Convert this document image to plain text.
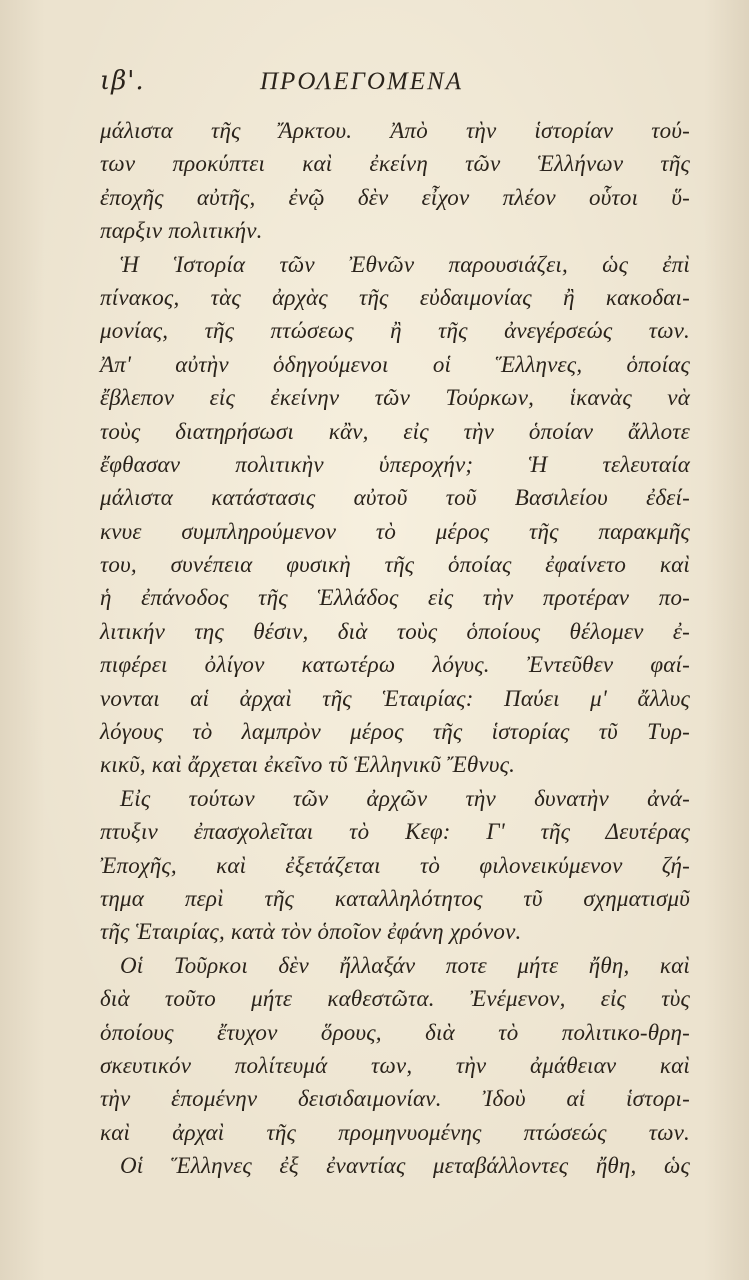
ιβ'.	ΠΡΟΛΕΓΟΜΕΝΑ
μάλιστα τῆς Ἄρκτου. Ἀπὸ τὴν ἱστορίαν τού-
των προκύπτει καὶ ἐκείνη τῶν Ἑλλήνων τῆς
ἐποχῆς αὐτῆς, ἐνῷ δὲν εἶχον πλέον οὗτοι ὕ-
παρξιν πολιτικήν.
Ἡ Ἱστορία τῶν Ἐθνῶν παρουσιάζει, ὡς ἐπὶ
πίνακος, τὰς ἀρχὰς τῆς εὐδαιμονίας ἢ κακοδαι-
μονίας, τῆς πτώσεως ἢ τῆς ἀνεγέρσεώς των.
Ἀπ' αὐτὴν ὁδηγούμενοι οἱ Ἕλληνες, ὁποίας
ἔβλεπον εἰς ἐκείνην τῶν Τούρκων, ἱκανὰς νὰ
τοὺς διατηρήσωσι κἂν, εἰς τὴν ὁποίαν ἄλλοτε
ἔφθασαν πολιτικὴν ὑπεροχήν; Ἡ τελευταία
μάλιστα κατάστασις αὐτοῦ τοῦ Βασιλείου ἐδεί-
κνυε συμπληρούμενον τὸ μέρος τῆς παρακμῆς
του, συνέπεια φυσικὴ τῆς ὁποίας ἐφαίνετο καὶ
ἡ ἐπάνοδος τῆς Ἑλλάδος εἰς τὴν προτέραν πο-
λιτικήν της θέσιν, διὰ τοὺς ὁποίους θέλομεν ἐ-
πιφέρει ὀλίγον κατωτέρω λόγυς. Ἐντεῦθεν φαί-
νονται αἱ ἀρχαὶ τῆς Ἑταιρίας: Παύει μ' ἄλλυς
λόγους τὸ λαμπρὸν μέρος τῆς ἱστορίας τῦ Τυρ-
κικῦ, καὶ ἄρχεται ἐκεῖνο τῦ Ἑλληνικῦ Ἔθνυς.
Εἰς τούτων τῶν ἀρχῶν τὴν δυνατὴν ἀνά-
πτυξιν ἐπασχολεῖται τὸ Κεφ: Γ' τῆς Δευτέρας
Ἐποχῆς, καὶ ἐξετάζεται τὸ φιλονεικύμενον ζή-
τημα περὶ τῆς καταλληλότητος τῦ σχηματισμῦ
τῆς Ἑταιρίας, κατὰ τὸν ὁποῖον ἐφάνη χρόνον.
Οἱ Τοῦρκοι δὲν ἤλλαξάν ποτε μήτε ἤθη, καὶ
διὰ τοῦτο μήτε καθεστῶτα. Ἐνέμενον, εἰς τὺς
ὁποίους ἔτυχον ὅρους, διὰ τὸ πολιτικο-θρη-
σκευτικόν πολίτευμά των, τὴν ἀμάθειαν καὶ
τὴν ἑπομένην δεισιδαιμονίαν. Ἰδοὺ αἱ ἱστορι-
καὶ ἀρχαὶ τῆς προμηνυομένης πτώσεώς των.
Οἱ Ἕλληνες ἐξ ἐναντίας μεταβάλλοντες ἤθη, ὡς
